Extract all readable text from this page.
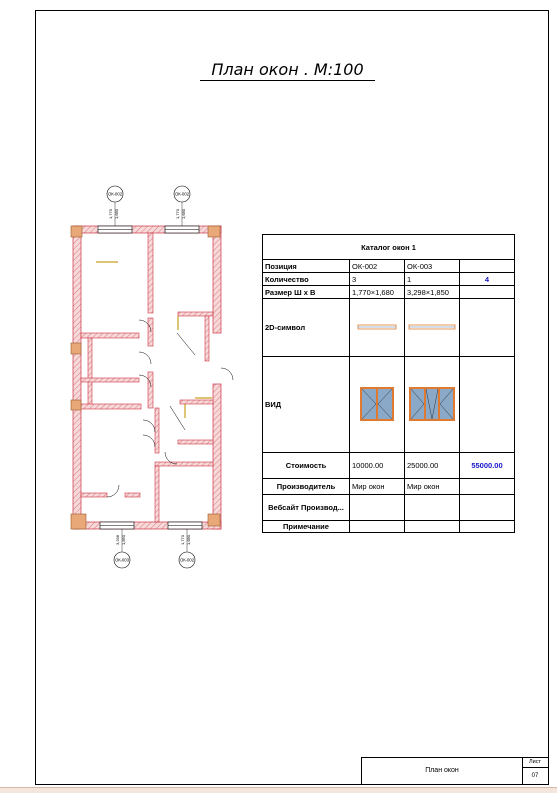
План окон . М:100
ОК-002	ОК-002
ОК-003	ОК-002
1,770 1,680	1,770 1,680
3,298 1,850	1,770 1,680
Каталог окон 1			
Позиция	ОК-002	ОК-003	
Количество	3	1	4
Размер Ш x В	1,770×1,680	3,298×1,850	
2D-символ			
ВИД			
Стоимость	10000.00	25000.00	55000.00
Производитель	Мир окон	Мир окон	
Вебсайт Производ...			
Примечание			
План окон
Лист
07
